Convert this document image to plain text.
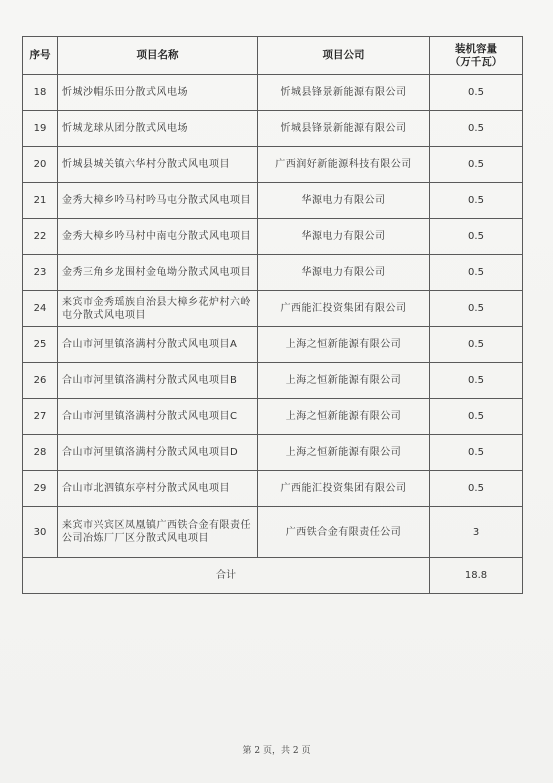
序号	项目名称	项目公司	装机容量
（万千瓦）

18	忻城沙帽乐田分散式风电场	忻城县锋景新能源有限公司	0.5
19	忻城龙球从团分散式风电场	忻城县锋景新能源有限公司	0.5
20	忻城县城关镇六华村分散式风电项目	广西润好新能源科技有限公司	0.5
21	金秀大樟乡吟马村吟马屯分散式风电项目	华源电力有限公司	0.5
22	金秀大樟乡吟马村中南屯分散式风电项目	华源电力有限公司	0.5
23	金秀三角乡龙围村金龟坳分散式风电项目	华源电力有限公司	0.5
24	来宾市金秀瑶族自治县大樟乡花炉村六岭屯分散式风电项目	广西能汇投资集团有限公司	0.5
25	合山市河里镇洛满村分散式风电项目A	上海之恒新能源有限公司	0.5
26	合山市河里镇洛满村分散式风电项目B	上海之恒新能源有限公司	0.5
27	合山市河里镇洛满村分散式风电项目C	上海之恒新能源有限公司	0.5
28	合山市河里镇洛满村分散式风电项目D	上海之恒新能源有限公司	0.5
29	合山市北泗镇东亭村分散式风电项目	广西能汇投资集团有限公司	0.5
30	来宾市兴宾区凤凰镇广西铁合金有限责任公司冶炼厂厂区分散式风电项目	广西铁合金有限责任公司	3
合计			18.8
第 2 页，共 2 页
